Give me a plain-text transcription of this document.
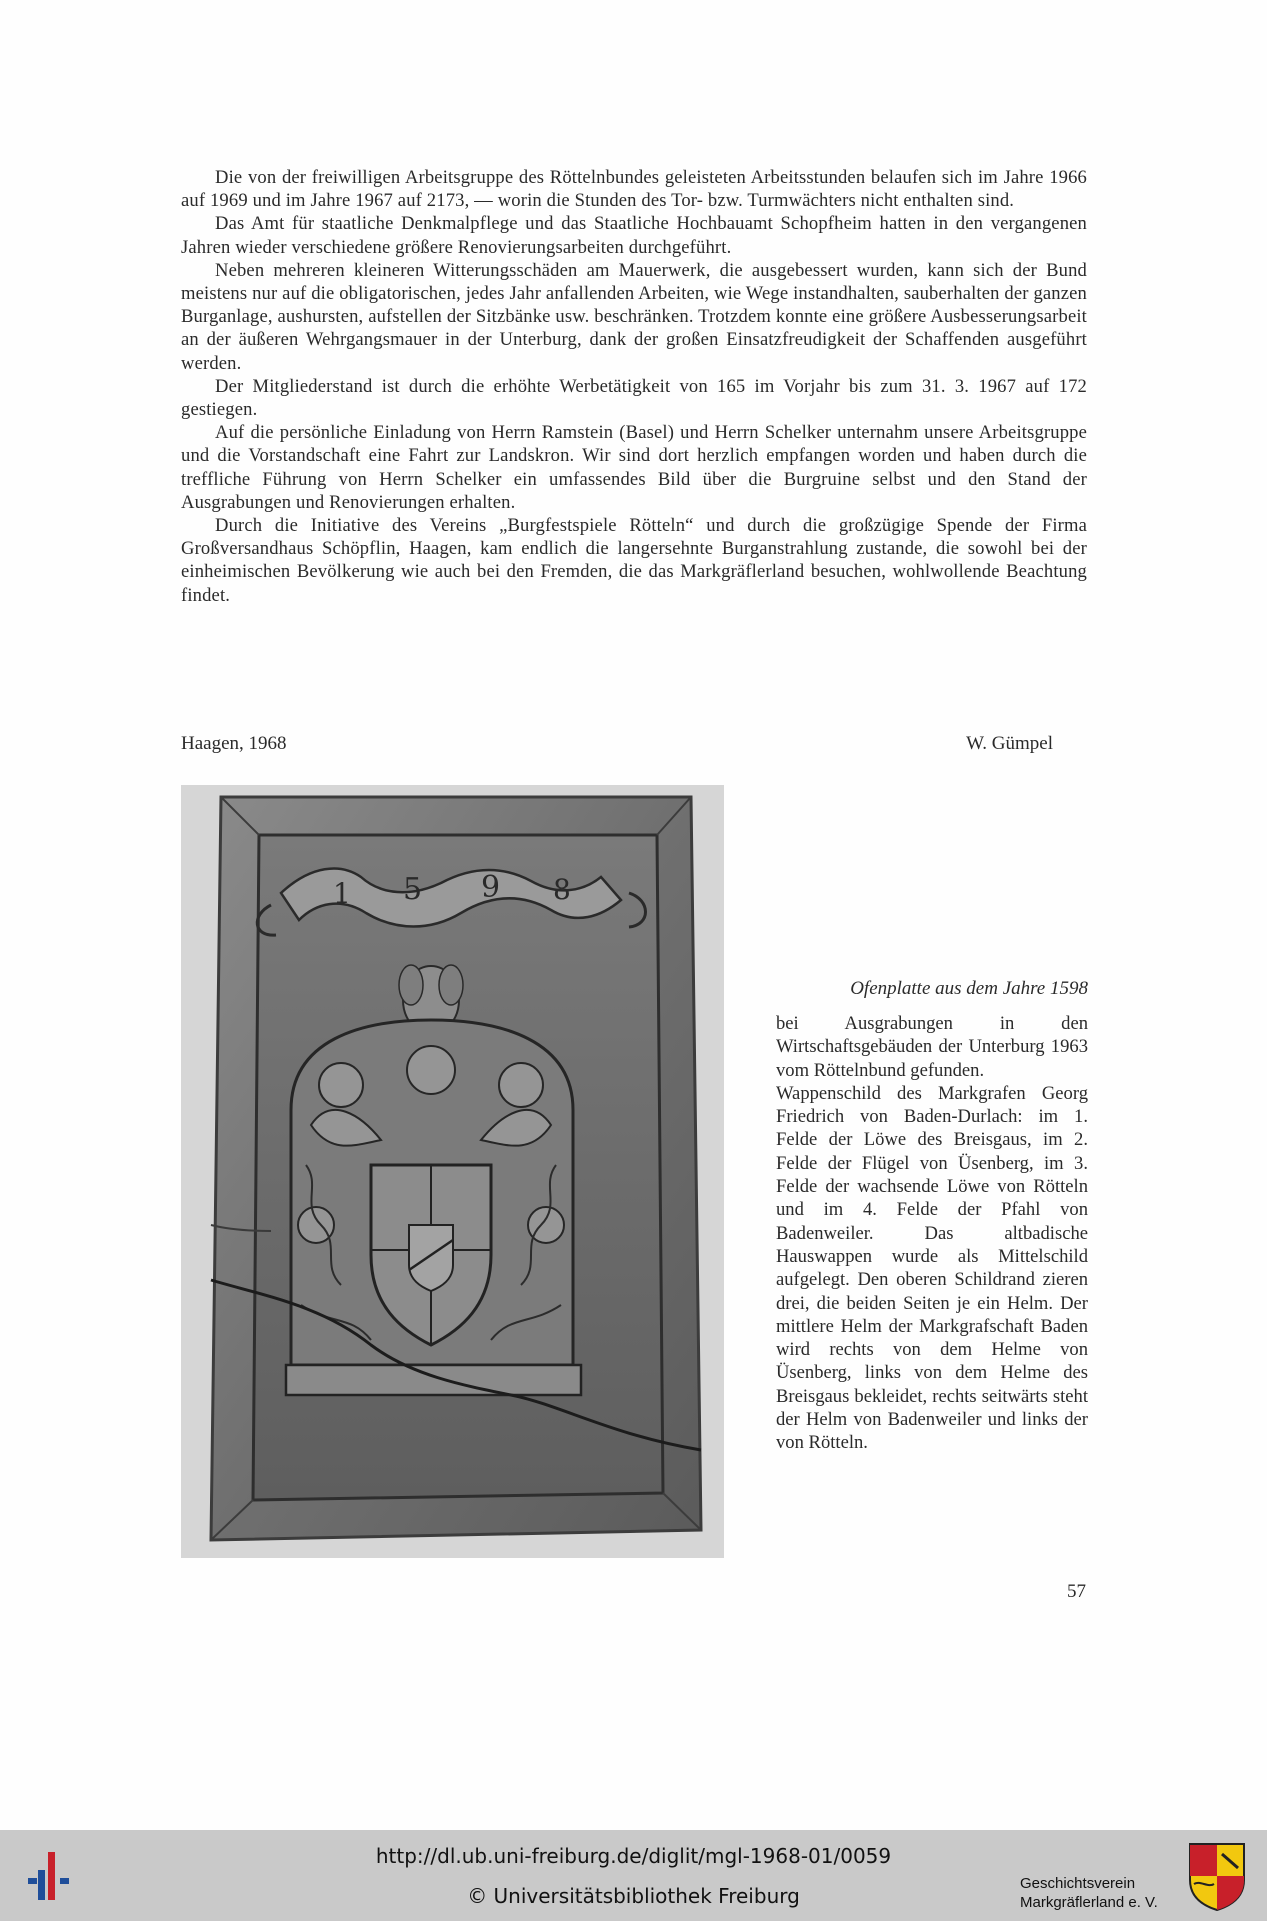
Die von der freiwilligen Arbeitsgruppe des Röttelnbundes geleisteten Arbeitsstunden belaufen sich im Jahre 1966 auf 1969 und im Jahre 1967 auf 2173, — worin die Stunden des Tor- bzw. Turmwächters nicht enthalten sind.

Das Amt für staatliche Denkmalpflege und das Staatliche Hochbauamt Schopfheim hatten in den vergangenen Jahren wieder verschiedene größere Renovierungsarbeiten durchgeführt.

Neben mehreren kleineren Witterungsschäden am Mauerwerk, die ausgebessert wurden, kann sich der Bund meistens nur auf die obligatorischen, jedes Jahr anfallenden Arbeiten, wie Wege instandhalten, sauberhalten der ganzen Burganlage, aushursten, aufstellen der Sitzbänke usw. beschränken. Trotzdem konnte eine größere Ausbesserungsarbeit an der äußeren Wehrgangsmauer in der Unterburg, dank der großen Einsatzfreudigkeit der Schaffenden ausgeführt werden.

Der Mitgliederstand ist durch die erhöhte Werbetätigkeit von 165 im Vorjahr bis zum 31. 3. 1967 auf 172 gestiegen.

Auf die persönliche Einladung von Herrn Ramstein (Basel) und Herrn Schelker unternahm unsere Arbeitsgruppe und die Vorstandschaft eine Fahrt zur Landskron. Wir sind dort herzlich empfangen worden und haben durch die treffliche Führung von Herrn Schelker ein umfassendes Bild über die Burgruine selbst und den Stand der Ausgrabungen und Renovierungen erhalten.

Durch die Initiative des Vereins „Burgfestspiele Rötteln“ und durch die großzügige Spende der Firma Großversandhaus Schöpflin, Haagen, kam endlich die langersehnte Burganstrahlung zustande, die sowohl bei der einheimischen Bevölkerung wie auch bei den Fremden, die das Markgräflerland besuchen, wohlwollende Beachtung findet.

Haagen, 1968	W. Gümpel
1 5 9 8
Ofenplatte aus dem Jahre 1598

bei Ausgrabungen in den Wirtschaftsgebäuden der Unterburg 1963 vom Röttelnbund gefunden.

Wappenschild des Markgrafen Georg Friedrich von Baden-Durlach: im 1. Felde der Löwe des Breisgaus, im 2. Felde der Flügel von Üsenberg, im 3. Felde der wachsende Löwe von Rötteln und im 4. Felde der Pfahl von Badenweiler. Das altbadische Hauswappen wurde als Mittelschild aufgelegt. Den oberen Schildrand zieren drei, die beiden Seiten je ein Helm. Der mittlere Helm der Markgrafschaft Baden wird rechts von dem Helme von Üsenberg, links von dem Helme des Breisgaus bekleidet, rechts seitwärts steht der Helm von Badenweiler und links der von Rötteln.

57
http://dl.ub.uni-freiburg.de/diglit/mgl-1968-01/0059
© Universitätsbibliothek Freiburg
Geschichtsverein
Markgräflerland e. V.
